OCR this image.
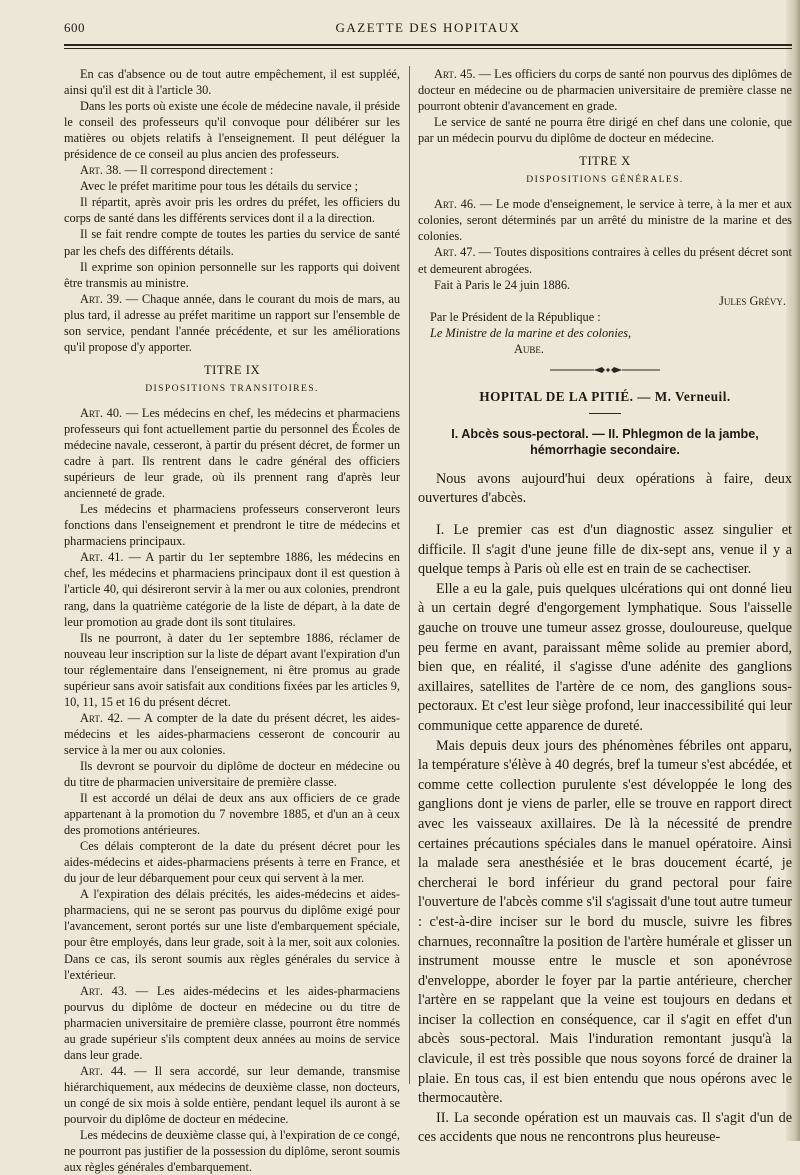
600	GAZETTE DES HOPITAUX

En cas d'absence ou de tout autre empêchement, il est suppléé, ainsi qu'il est dit à l'article 30.

Dans les ports où existe une école de médecine navale, il préside le conseil des professeurs qu'il convoque pour délibérer sur les matières ou objets relatifs à l'enseignement. Il peut déléguer la présidence de ce conseil au plus ancien des professeurs.

Art. 38. — Il correspond directement :

Avec le préfet maritime pour tous les détails du service ;

Il répartit, après avoir pris les ordres du préfet, les officiers du corps de santé dans les différents services dont il a la direction.

Il se fait rendre compte de toutes les parties du service de santé par les chefs des différents détails.

Il exprime son opinion personnelle sur les rapports qui doivent être transmis au ministre.

Art. 39. — Chaque année, dans le courant du mois de mars, au plus tard, il adresse au préfet maritime un rapport sur l'ensemble de son service, pendant l'année précédente, et sur les améliorations qu'il propose d'y apporter.

TITRE IX

DISPOSITIONS TRANSITOIRES.

Art. 40. — Les médecins en chef, les médecins et pharmaciens professeurs qui font actuellement partie du personnel des Écoles de médecine navale, cesseront, à partir du présent décret, de former un cadre à part. Ils rentrent dans le cadre général des officiers supérieurs de leur grade, où ils prennent rang d'après leur ancienneté de grade.

Les médecins et pharmaciens professeurs conserveront leurs fonctions dans l'enseignement et prendront le titre de médecins et pharmaciens principaux.

Art. 41. — A partir du 1er septembre 1886, les médecins en chef, les médecins et pharmaciens principaux dont il est question à l'article 40, qui désireront servir à la mer ou aux colonies, prendront rang, dans la quatrième catégorie de la liste de départ, à la date de leur promotion au grade dont ils sont titulaires.

Ils ne pourront, à dater du 1er septembre 1886, réclamer de nouveau leur inscription sur la liste de départ avant l'expiration d'un tour réglementaire dans l'enseignement, ni être promus au grade supérieur sans avoir satisfait aux conditions fixées par les articles 9, 10, 11, 15 et 16 du présent décret.

Art. 42. — A compter de la date du présent décret, les aides-médecins et les aides-pharmaciens cesseront de concourir au service à la mer ou aux colonies.

Ils devront se pourvoir du diplôme de docteur en médecine ou du titre de pharmacien universitaire de première classe.

Il est accordé un délai de deux ans aux officiers de ce grade appartenant à la promotion du 7 novembre 1885, et d'un an à ceux des promotions antérieures.

Ces délais compteront de la date du présent décret pour les aides-médecins et aides-pharmaciens présents à terre en France, et du jour de leur débarquement pour ceux qui servent à la mer.

A l'expiration des délais précités, les aides-médecins et aides-pharmaciens, qui ne se seront pas pourvus du diplôme exigé pour l'avancement, seront portés sur une liste d'embarquement spéciale, pour être employés, dans leur grade, soit à la mer, soit aux colonies. Dans ce cas, ils seront soumis aux règles générales du service à l'extérieur.

Art. 43. — Les aides-médecins et les aides-pharmaciens pourvus du diplôme de docteur en médecine ou du titre de pharmacien universitaire de première classe, pourront être nommés au grade supérieur s'ils comptent deux années au moins de service dans leur grade.

Art. 44. — Il sera accordé, sur leur demande, transmise hiérarchiquement, aux médecins de deuxième classe, non docteurs, un congé de six mois à solde entière, pendant lequel ils auront à se pourvoir du diplôme de docteur en médecine.

Les médecins de deuxième classe qui, à l'expiration de ce congé, ne pourront pas justifier de la possession du diplôme, seront soumis aux règles générales d'embarquement.

Art. 45. — Les officiers du corps de santé non pourvus des diplômes de docteur en médecine ou de pharmacien universitaire de première classe ne pourront obtenir d'avancement en grade.

Le service de santé ne pourra être dirigé en chef dans une colonie, que par un médecin pourvu du diplôme de docteur en médecine.

TITRE X

DISPOSITIONS GÉNÉRALES.

Art. 46. — Le mode d'enseignement, le service à terre, à la mer et aux colonies, seront déterminés par un arrêté du ministre de la marine et des colonies.

Art. 47. — Toutes dispositions contraires à celles du présent décret sont et demeurent abrogées.

Fait à Paris le 24 juin 1886.

Jules Grévy.

Par le Président de la République :

Le Ministre de la marine et des colonies,

Aube.

HOPITAL DE LA PITIÉ. — M. Verneuil.

I. Abcès sous-pectoral. — II. Phlegmon de la jambe, hémorrhagie secondaire.

Nous avons aujourd'hui deux opérations à faire, deux ouvertures d'abcès.

I. Le premier cas est d'un diagnostic assez singulier et difficile. Il s'agit d'une jeune fille de dix-sept ans, venue il y a quelque temps à Paris où elle est en train de se cachectiser.

Elle a eu la gale, puis quelques ulcérations qui ont donné lieu à un certain degré d'engorgement lymphatique. Sous l'aisselle gauche on trouve une tumeur assez grosse, douloureuse, quelque peu ferme en avant, paraissant même solide au premier abord, bien que, en réalité, il s'agisse d'une adénite des ganglions axillaires, satellites de l'artère de ce nom, des ganglions sous-pectoraux. Et c'est leur siège profond, leur inaccessibilité qui leur communique cette apparence de dureté.

Mais depuis deux jours des phénomènes fébriles ont apparu, la température s'élève à 40 degrés, bref la tumeur s'est abcédée, et comme cette collection purulente s'est développée le long des ganglions dont je viens de parler, elle se trouve en rapport direct avec les vaisseaux axillaires. De là la nécessité de prendre certaines précautions spéciales dans le manuel opératoire. Ainsi la malade sera anesthésiée et le bras doucement écarté, je chercherai le bord inférieur du grand pectoral pour faire l'ouverture de l'abcès comme s'il s'agissait d'une tout autre tumeur : c'est-à-dire inciser sur le bord du muscle, suivre les fibres charnues, reconnaître la position de l'artère humérale et glisser un instrument mousse entre le muscle et son aponévrose d'enveloppe, aborder le foyer par la partie antérieure, chercher l'artère en se rappelant que la veine est toujours en dedans et inciser la collection en conséquence, car il s'agit en effet d'un abcès sous-pectoral. Mais l'induration remontant jusqu'à la clavicule, il est très possible que nous soyons forcé de drainer la plaie. En tous cas, il est bien entendu que nous opérons avec le thermocautère.

II. La seconde opération est un mauvais cas. Il s'agit d'un de ces accidents que nous ne rencontrons plus heureuse-
